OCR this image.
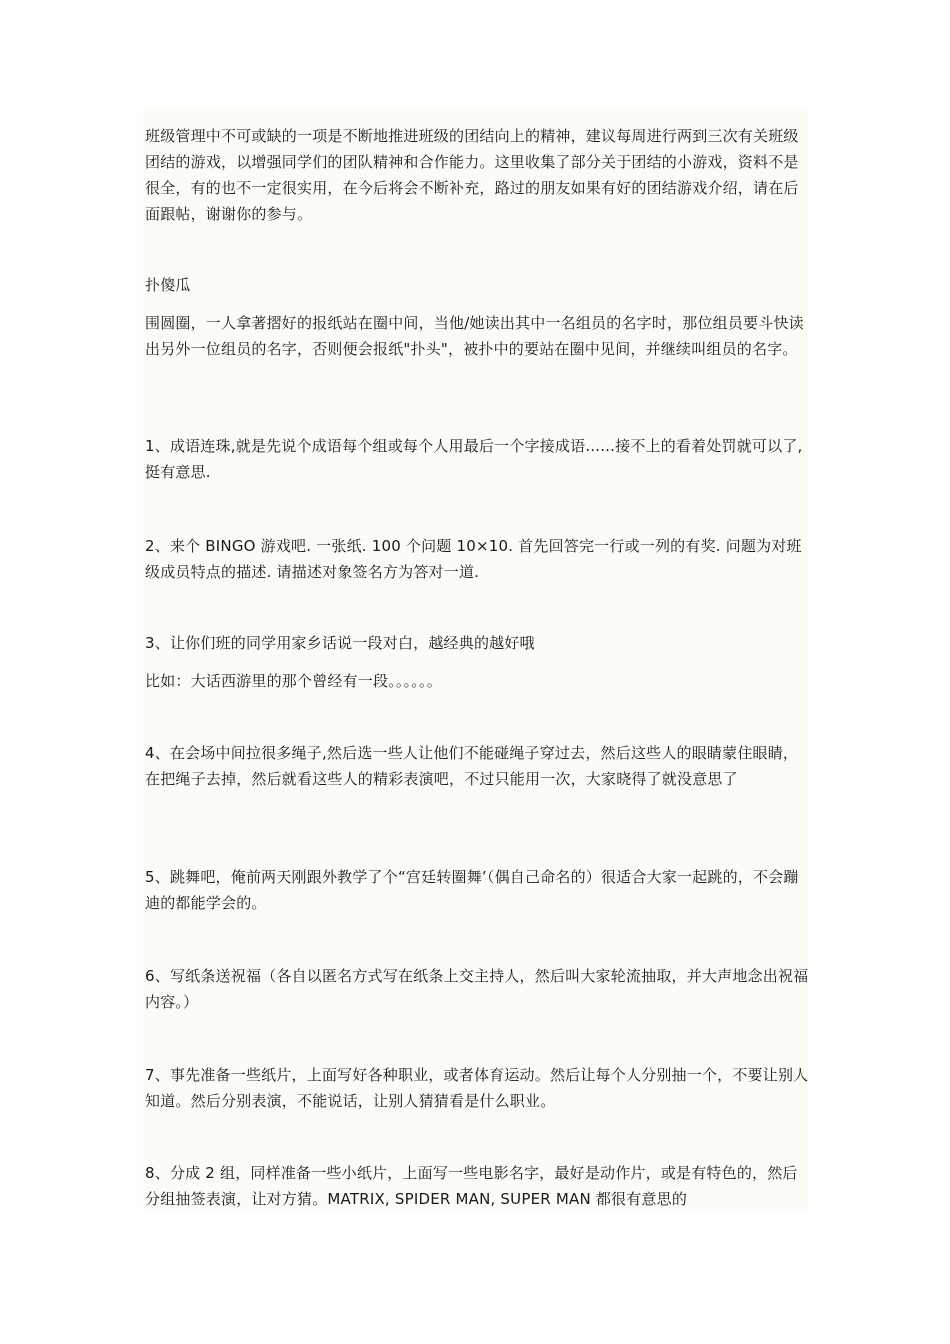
班级管理中不可或缺的一项是不断地推进班级的团结向上的精神，建议每周进行两到三次有关班级团结的游戏，以增强同学们的团队精神和合作能力。这里收集了部分关于团结的小游戏，资料不是很全，有的也不一定很实用，在今后将会不断补充，路过的朋友如果有好的团结游戏介绍，请在后面跟帖，谢谢你的参与。

扑傻瓜

围圆圈，一人拿著摺好的报纸站在圈中间，当他/她读出其中一名组员的名字时，那位组员要斗快读出另外一位组员的名字，否则便会报纸"扑头"，被扑中的要站在圈中见间，并继续叫组员的名字。

1、成语连珠,就是先说个成语每个组或每个人用最后一个字接成语......接不上的看着处罚就可以了,挺有意思.

2、来个 BINGO 游戏吧. 一张纸. 100 个问题 10×10. 首先回答完一行或一列的有奖. 问题为对班级成员特点的描述. 请描述对象签名方为答对一道.

3、让你们班的同学用家乡话说一段对白，越经典的越好哦

比如：大话西游里的那个曾经有一段。。。。。。

4、在会场中间拉很多绳子,然后选一些人让他们不能碰绳子穿过去，然后这些人的眼睛蒙住眼睛，在把绳子去掉，然后就看这些人的精彩表演吧，不过只能用一次，大家晓得了就没意思了

5、跳舞吧，俺前两天刚跟外教学了个“宫廷转圈舞’（偶自己命名的）很适合大家一起跳的，不会蹦迪的都能学会的。

6、写纸条送祝福（各自以匿名方式写在纸条上交主持人，然后叫大家轮流抽取，并大声地念出祝福内容。）

7、事先准备一些纸片，上面写好各种职业，或者体育运动。然后让每个人分别抽一个，不要让别人知道。然后分别表演，不能说话，让别人猜猜看是什么职业。

8、分成 2 组，同样准备一些小纸片，上面写一些电影名字，最好是动作片，或是有特色的，然后分组抽签表演，让对方猜。MATRIX, SPIDER MAN, SUPER MAN 都很有意思的
